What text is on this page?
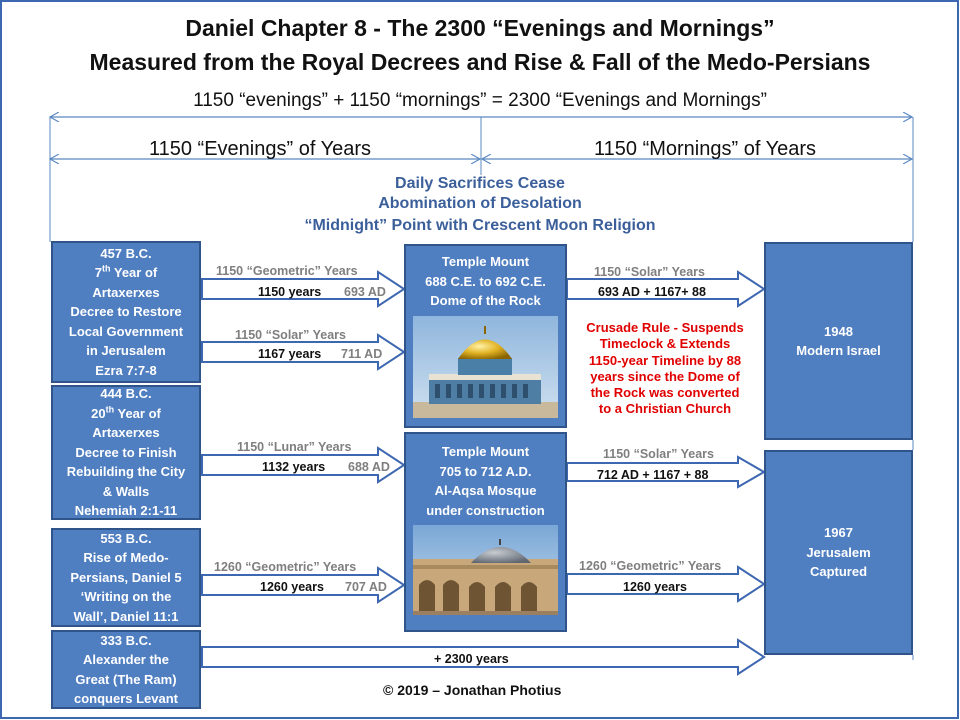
Daniel Chapter 8 - The 2300 “Evenings and Mornings”
Measured from the Royal Decrees and Rise & Fall of the Medo-Persians
1150 “evenings” + 1150 “mornings” = 2300 “Evenings and Mornings”
1150 “Evenings” of Years	1150 “Mornings” of Years
Daily Sacrifices Cease
Abomination of Desolation
“Midnight” Point with Crescent Moon Religion
457 B.C.
7th Year of
Artaxerxes
Decree to Restore
Local Government
in Jerusalem
Ezra 7:7-8
444 B.C.
20th Year of
Artaxerxes
Decree to Finish
Rebuilding the City
& Walls
Nehemiah 2:1-11
553 B.C.
Rise of Medo-
Persians, Daniel 5
‘Writing on the
Wall’, Daniel 11:1
333 B.C.
Alexander the
Great (The Ram)
conquers Levant
Temple Mount
688 C.E. to 692 C.E.
Dome of the Rock
Temple Mount
705 to 712 A.D.
Al-Aqsa Mosque
under construction
1948
Modern Israel
1967
Jerusalem
Captured
1150 “Geometric” Years
1150 years 693 AD
1150 “Solar” Years
1167 years 711 AD
1150 “Lunar” Years
1132 years 688 AD
1260 “Geometric” Years
1260 years 707 AD
1150 “Solar” Years
693 AD + 1167+ 88
1150 “Solar” Years
712 AD + 1167 + 88
1260 “Geometric” Years
1260 years
+ 2300 years
Crusade Rule - Suspends
Timeclock & Extends
1150-year Timeline by 88
years since the Dome of
the Rock was converted
to a Christian Church
© 2019 – Jonathan Photius
